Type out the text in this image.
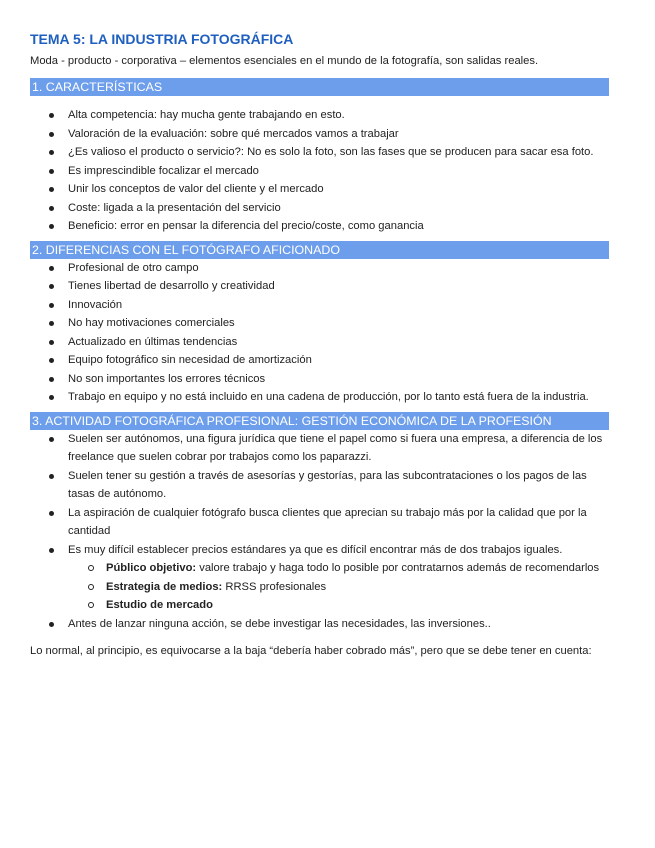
TEMA 5: LA INDUSTRIA FOTOGRÁFICA
Moda - producto - corporativa – elementos esenciales en el mundo de la fotografía, son salidas reales.
1. CARACTERÍSTICAS
Alta competencia: hay mucha gente trabajando en esto.
Valoración de la evaluación: sobre qué mercados vamos a trabajar
¿Es valioso el producto o servicio?: No es solo la foto, son las fases que se producen para sacar esa foto.
Es imprescindible focalizar el mercado
Unir los conceptos de valor del cliente y el mercado
Coste: ligada a la presentación del servicio
Beneficio: error en pensar la diferencia del precio/coste, como ganancia
2. DIFERENCIAS CON EL FOTÓGRAFO AFICIONADO
Profesional de otro campo
Tienes libertad de desarrollo y creatividad
Innovación
No hay motivaciones comerciales
Actualizado en últimas tendencias
Equipo fotográfico sin necesidad de amortización
No son importantes los errores técnicos
Trabajo en equipo y no está incluido en una cadena de producción, por lo tanto está fuera de la industria.
3. ACTIVIDAD FOTOGRÁFICA PROFESIONAL: GESTIÓN ECONÓMICA DE LA PROFESIÓN
Suelen ser autónomos, una figura jurídica que tiene el papel como si fuera una empresa, a diferencia de los freelance que suelen cobrar por trabajos como los paparazzi.
Suelen tener su gestión a través de asesorías y gestorías, para las subcontrataciones o los pagos de las tasas de autónomo.
La aspiración de cualquier fotógrafo busca clientes que aprecian su trabajo más por la calidad que por la cantidad
Es muy difícil establecer precios estándares ya que es difícil encontrar más de dos trabajos iguales.
Público objetivo: valore trabajo y haga todo lo posible por contratarnos además de recomendarlos
Estrategia de medios: RRSS profesionales
Estudio de mercado
Antes de lanzar ninguna acción, se debe investigar las necesidades, las inversiones..

Lo normal, al principio, es equivocarse a la baja “debería haber cobrado más”, pero que se debe tener en cuenta:
